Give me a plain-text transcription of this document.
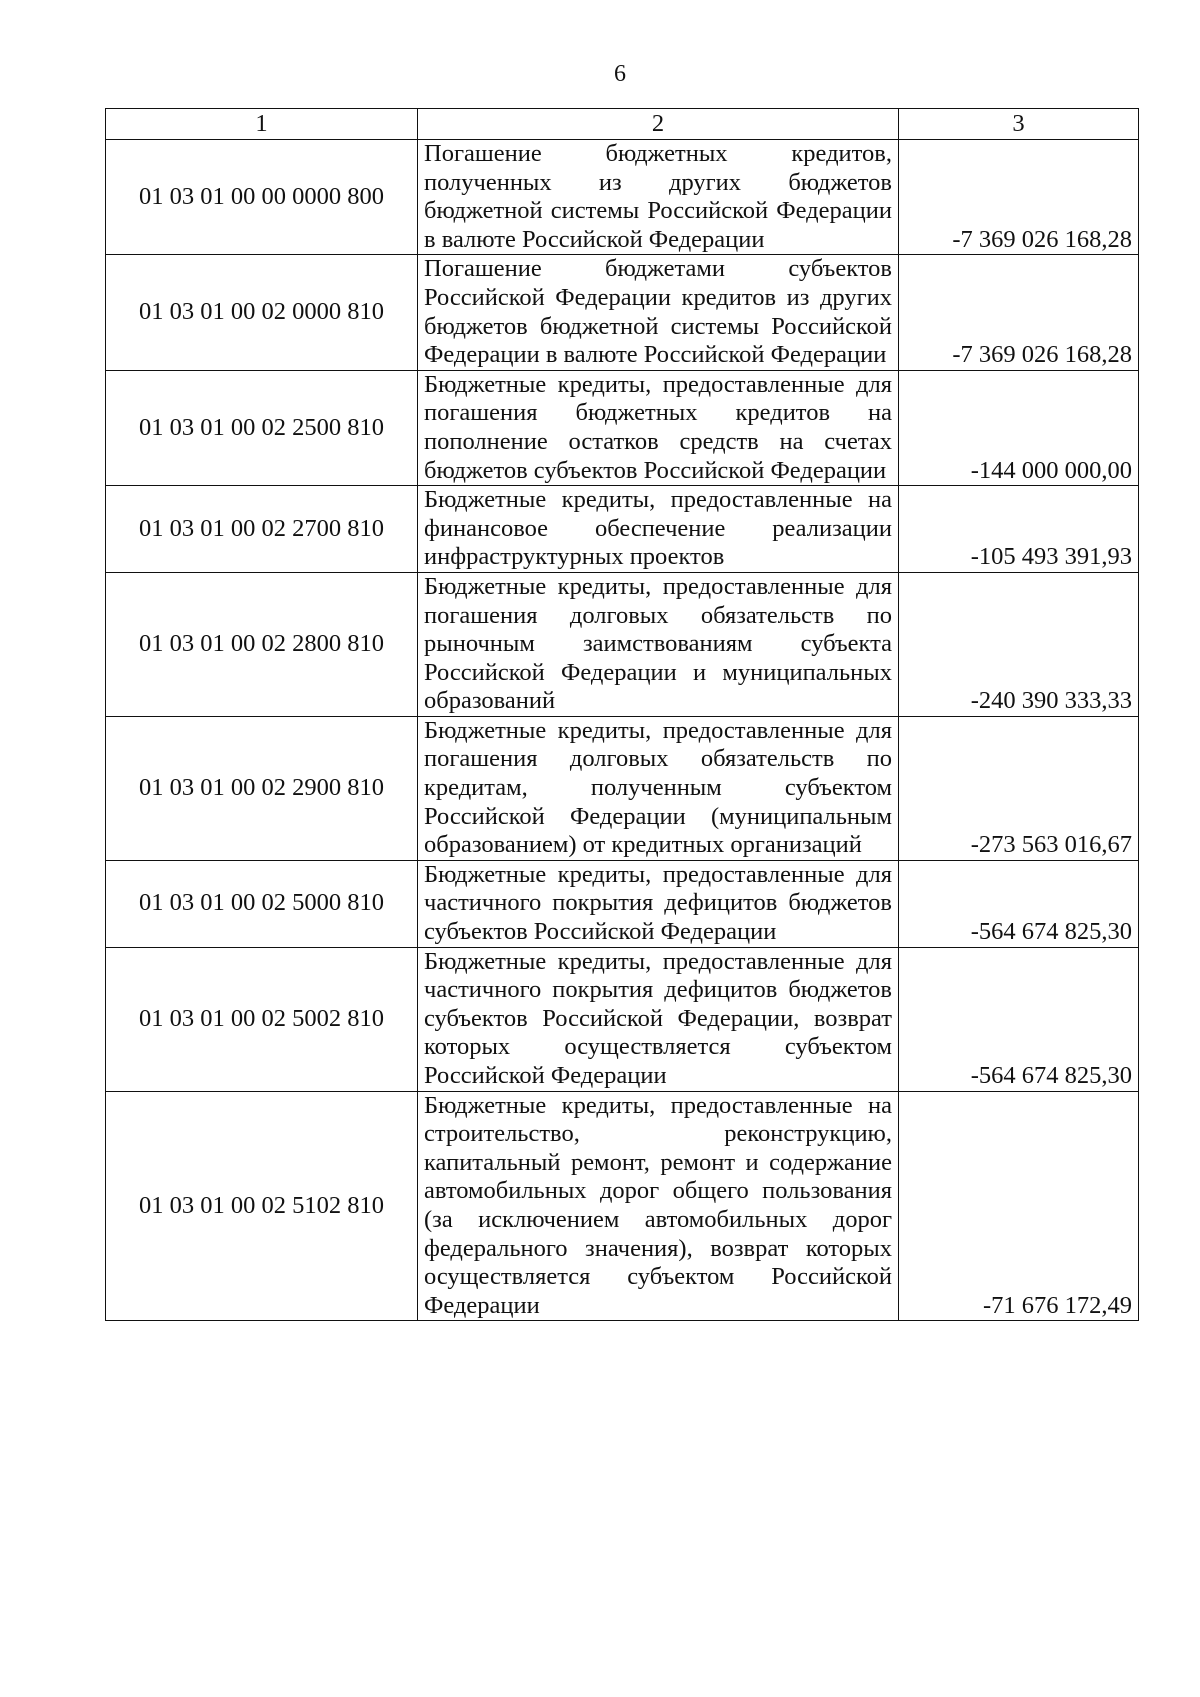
6
1	2	3
01 03 01 00 00 0000 800	Погашение бюджетных кредитов, полученных из других бюджетов бюджетной системы Российской Федерации в валюте Российской Федерации	-7 369 026 168,28
01 03 01 00 02 0000 810	Погашение бюджетами субъектов Российской Федерации кредитов из других бюджетов бюджетной системы Российской Федерации в валюте Российской Федерации	-7 369 026 168,28
01 03 01 00 02 2500 810	Бюджетные кредиты, предоставленные для погашения бюджетных кредитов на пополнение остатков средств на счетах бюджетов субъектов Российской Федерации	-144 000 000,00
01 03 01 00 02 2700 810	Бюджетные кредиты, предоставленные на финансовое обеспечение реализации инфраструктурных проектов	-105 493 391,93
01 03 01 00 02 2800 810	Бюджетные кредиты, предоставленные для погашения долговых обязательств по рыночным заимствованиям субъекта Российской Федерации и муниципальных образований	-240 390 333,33
01 03 01 00 02 2900 810	Бюджетные кредиты, предоставленные для погашения долговых обязательств по кредитам, полученным субъектом Российской Федерации (муниципальным образованием) от кредитных организаций	-273 563 016,67
01 03 01 00 02 5000 810	Бюджетные кредиты, предоставленные для частичного покрытия дефицитов бюджетов субъектов Российской Федерации	-564 674 825,30
01 03 01 00 02 5002 810	Бюджетные кредиты, предоставленные для частичного покрытия дефицитов бюджетов субъектов Российской Федерации, возврат которых осуществляется субъектом Российской Федерации	-564 674 825,30
01 03 01 00 02 5102 810	Бюджетные кредиты, предоставленные на строительство, реконструкцию, капитальный ремонт, ремонт и содержание автомобильных дорог общего пользования (за исключением автомобильных дорог федерального значения), возврат которых осуществляется субъектом Российской Федерации	-71 676 172,49
